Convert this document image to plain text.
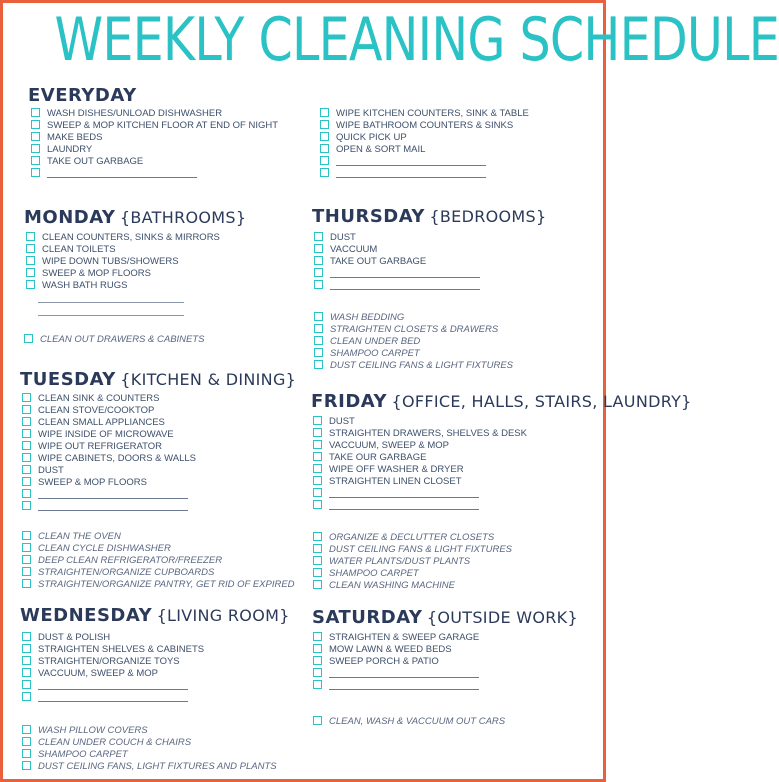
WEEKLY CLEANING SCHEDULE
EVERYDAY
WASH DISHES/UNLOAD DISHWASHER
SWEEP & MOP KITCHEN FLOOR AT END OF NIGHT
MAKE BEDS
LAUNDRY
TAKE OUT GARBAGE
WIPE KITCHEN COUNTERS, SINK & TABLE
WIPE BATHROOM COUNTERS & SINKS
QUICK PICK UP
OPEN & SORT MAIL
MONDAY {BATHROOMS}
CLEAN COUNTERS, SINKS & MIRRORS
CLEAN TOILETS
WIPE DOWN TUBS/SHOWERS
SWEEP & MOP FLOORS
WASH BATH RUGS
CLEAN OUT DRAWERS & CABINETS
TUESDAY {KITCHEN & DINING}
CLEAN SINK & COUNTERS
CLEAN STOVE/COOKTOP
CLEAN SMALL APPLIANCES
WIPE INSIDE OF MICROWAVE
WIPE OUT REFRIGERATOR
WIPE CABINETS, DOORS & WALLS
DUST
SWEEP & MOP FLOORS
CLEAN THE OVEN
CLEAN CYCLE DISHWASHER
DEEP CLEAN REFRIGERATOR/FREEZER
STRAIGHTEN/ORGANIZE CUPBOARDS
STRAIGHTEN/ORGANIZE PANTRY, GET RID OF EXPIRED
WEDNESDAY {LIVING ROOM}
DUST & POLISH
STRAIGHTEN SHELVES & CABINETS
STRAIGHTEN/ORGANIZE TOYS
VACCUUM, SWEEP & MOP
WASH PILLOW COVERS
CLEAN UNDER COUCH & CHAIRS
SHAMPOO CARPET
DUST CEILING FANS, LIGHT FIXTURES AND PLANTS
THURSDAY {BEDROOMS}
DUST
VACCUUM
TAKE OUT GARBAGE
WASH BEDDING
STRAIGHTEN CLOSETS & DRAWERS
CLEAN UNDER BED
SHAMPOO CARPET
DUST CEILING FANS & LIGHT FIXTURES
FRIDAY {OFFICE, HALLS, STAIRS, LAUNDRY}
DUST
STRAIGHTEN DRAWERS, SHELVES & DESK
VACCUUM, SWEEP & MOP
TAKE OUR GARBAGE
WIPE OFF WASHER & DRYER
STRAIGHTEN LINEN CLOSET
ORGANIZE & DECLUTTER CLOSETS
DUST CEILING FANS & LIGHT FIXTURES
WATER PLANTS/DUST PLANTS
SHAMPOO CARPET
CLEAN WASHING MACHINE
SATURDAY {OUTSIDE WORK}
STRAIGHTEN & SWEEP GARAGE
MOW LAWN & WEED BEDS
SWEEP PORCH & PATIO
CLEAN, WASH & VACCUUM OUT CARS
